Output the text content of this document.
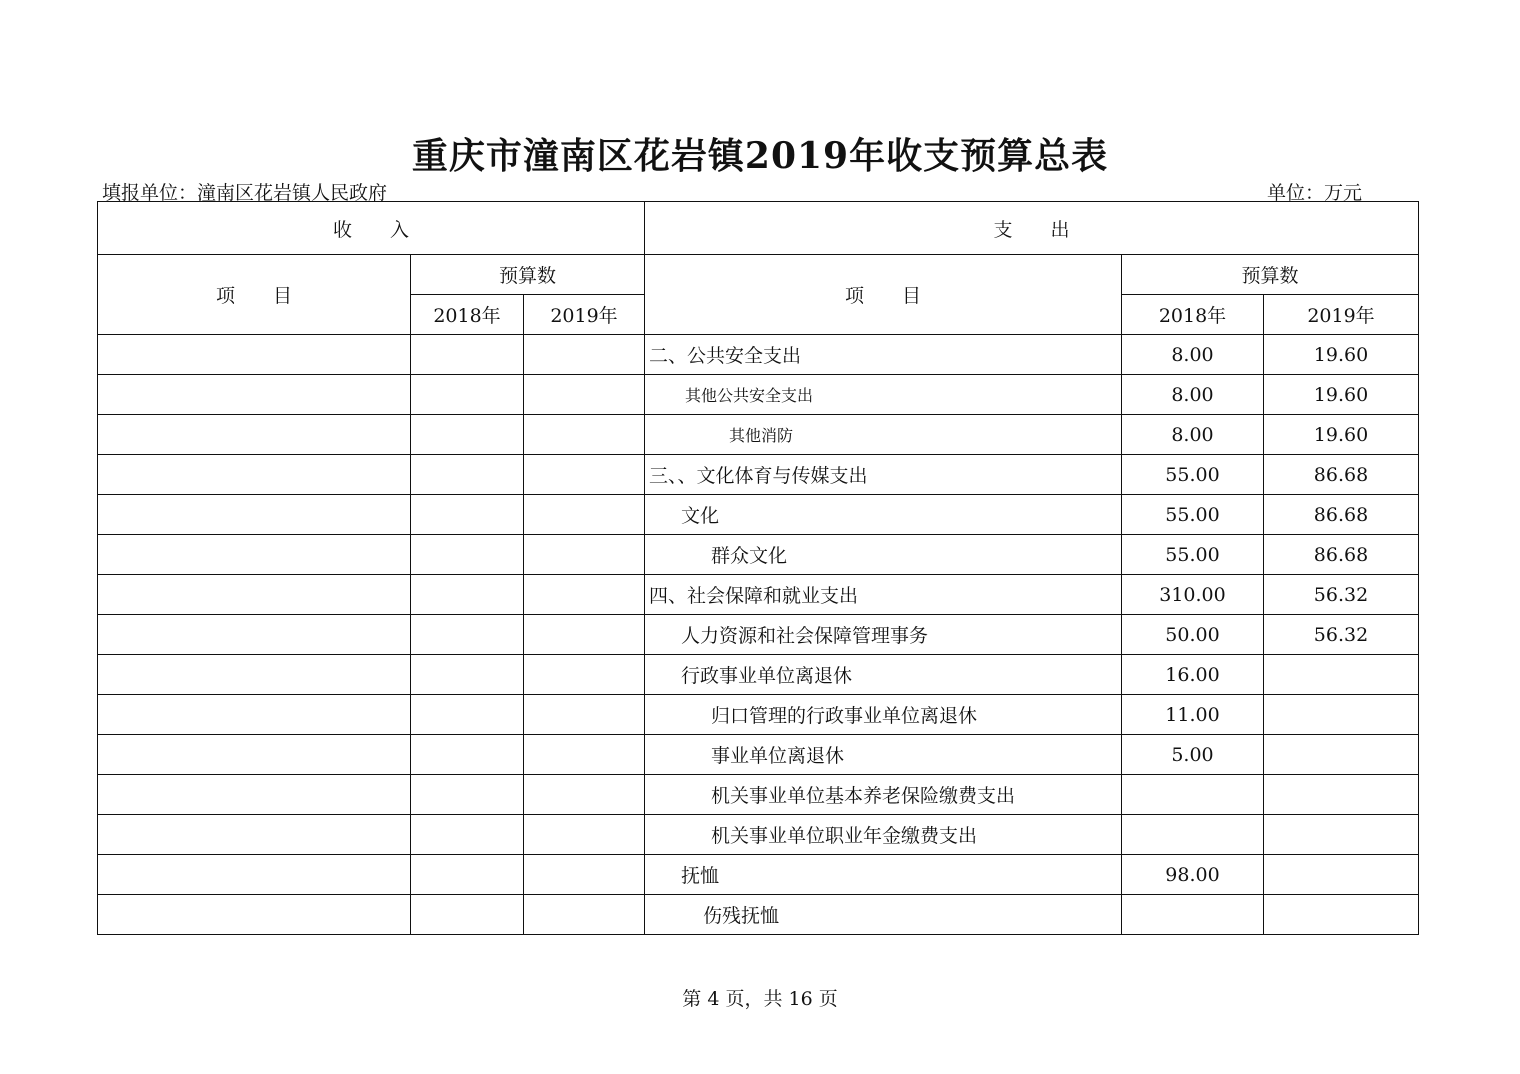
重庆市潼南区花岩镇2019年收支预算总表
填报单位：潼南区花岩镇人民政府	单位：万元
收　　入			支　　出		
项　　目	预算数		项　　目	预算数	
	2018年	2019年		2018年	2019年
			二、公共安全支出	8.00	19.60
			其他公共安全支出	8.00	19.60
			其他消防	8.00	19.60
			三、、文化体育与传媒支出	55.00	86.68
			文化	55.00	86.68
			群众文化	55.00	86.68
			四、社会保障和就业支出	310.00	56.32
			人力资源和社会保障管理事务	50.00	56.32
			行政事业单位离退休	16.00	
			归口管理的行政事业单位离退休	11.00	
			事业单位离退休	5.00	
			机关事业单位基本养老保险缴费支出		
			机关事业单位职业年金缴费支出		
			抚恤	98.00	
			伤残抚恤		
第 4 页，共 16 页
